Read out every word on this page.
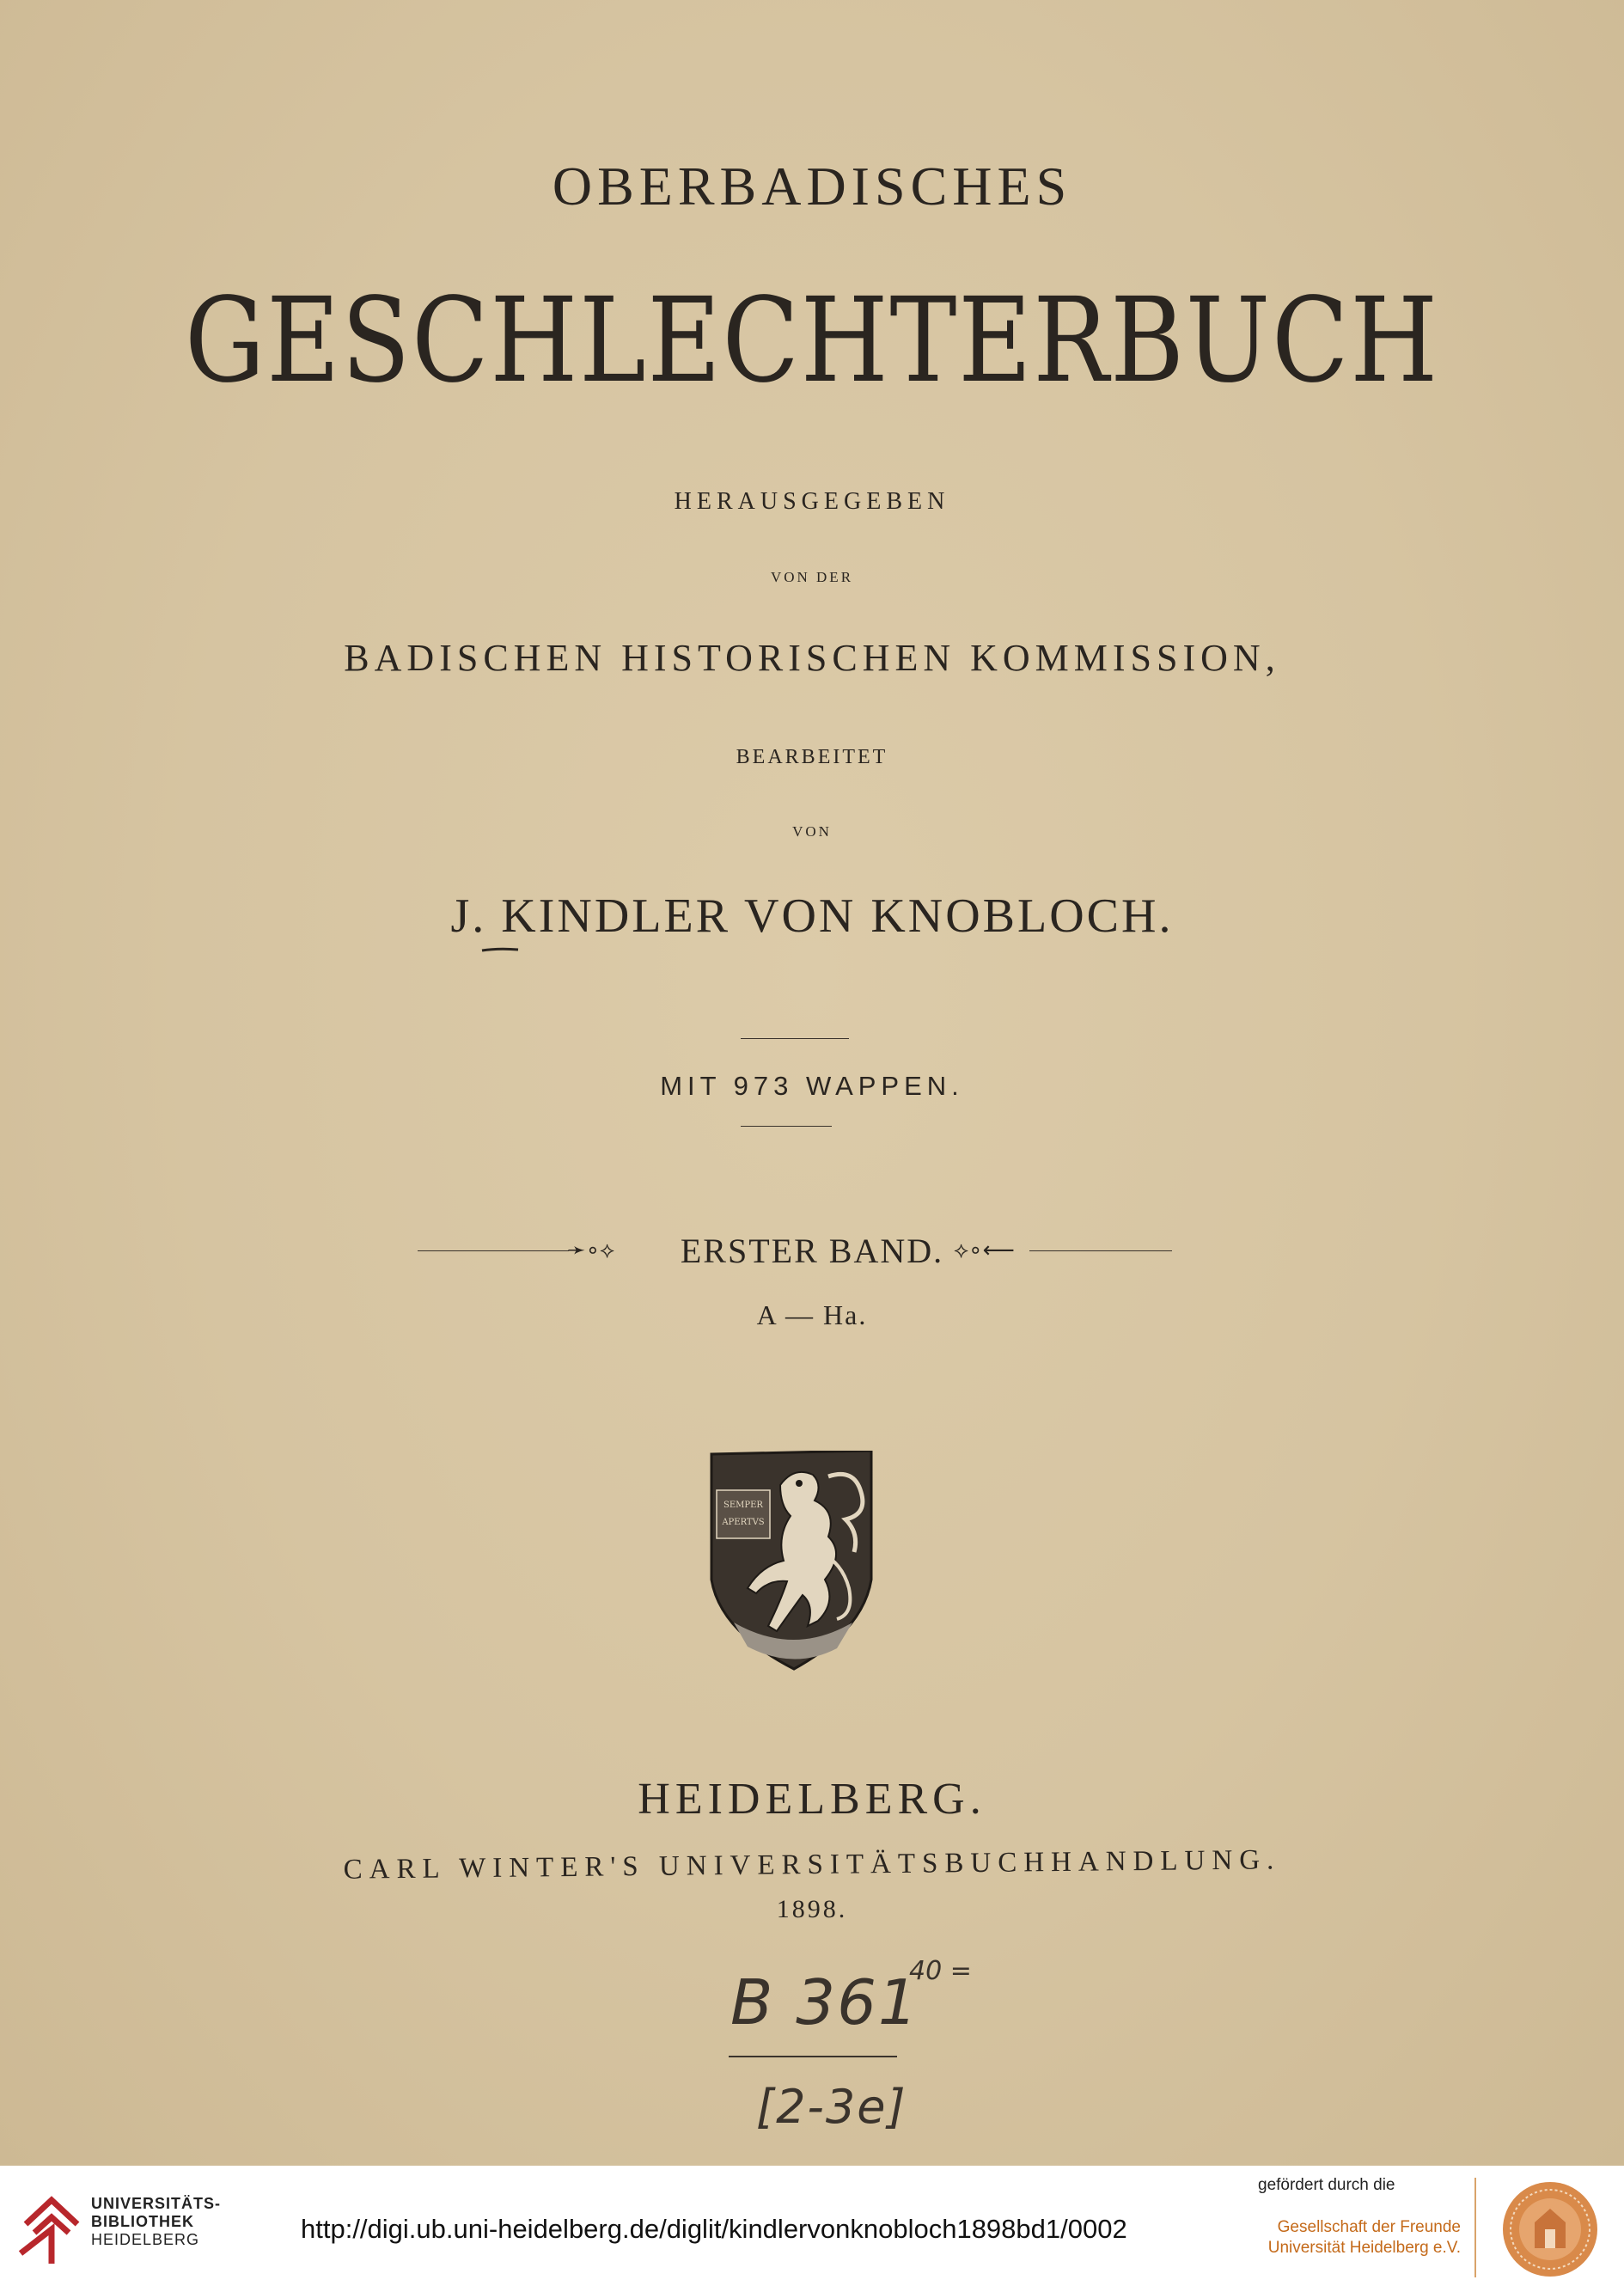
OBERBADISCHES
GESCHLECHTERBUCH
HERAUSGEGEBEN
VON DER
BADISCHEN HISTORISCHEN KOMMISSION,
BEARBEITET
VON
J. KINDLER VON KNOBLOCH.
MIT 973 WAPPEN.
➛∘⟡	ERSTER BAND. ⟡∘⟵
A — Ha.
SEMPER
APERTVS
HEIDELBERG.
CARL WINTER'S UNIVERSITÄTSBUCHHANDLUNG.
1898.
B 361
40 =
[2-3e]
UNIVERSITÄTS-
BIBLIOTHEK
HEIDELBERG	http://digi.ub.uni-heidelberg.de/diglit/kindlervonknobloch1898bd1/0002
gefördert durch die
Gesellschaft der Freunde
Universität Heidelberg e.V.
